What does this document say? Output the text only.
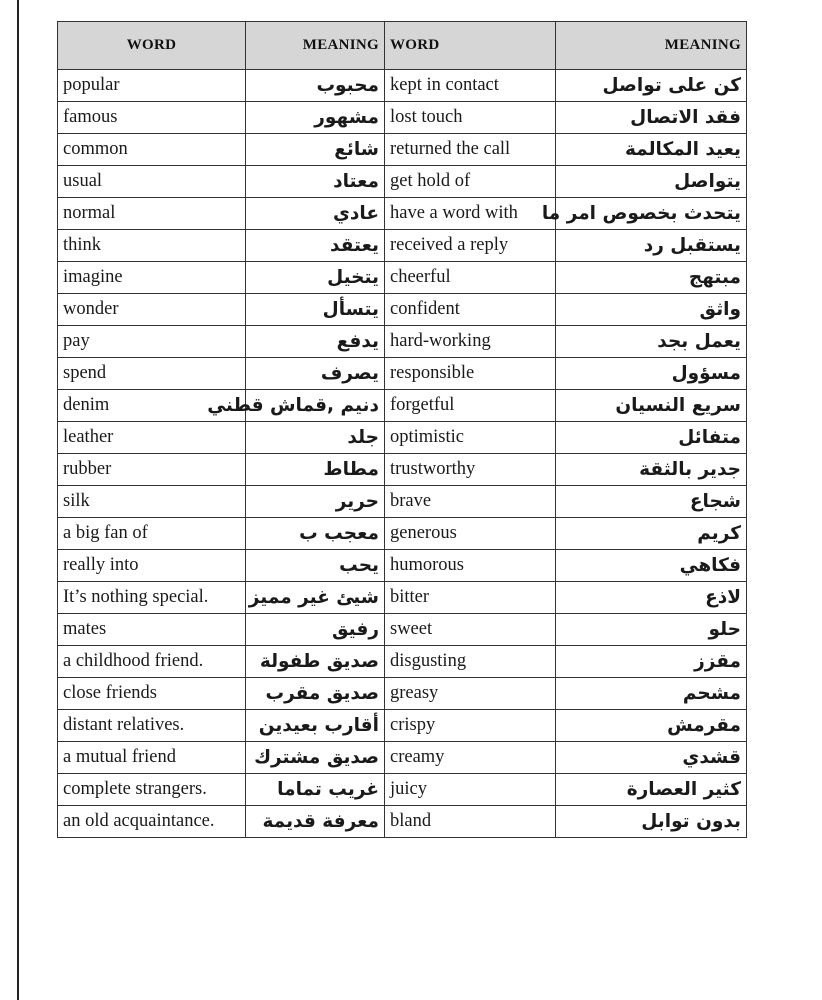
WORD	MEANING	WORD	MEANING
popular	محبوب	kept in contact	كن على تواصل
famous	مشهور	lost touch	فقد الاتصال
common	شائع	returned the call	يعيد المكالمة
usual	معتاد	get hold of	يتواصل
normal	عادي	have a word with	يتحدث بخصوص امر ما
think	يعتقد	received a reply	يستقبل رد
imagine	يتخيل	cheerful	مبتهج
wonder	يتسأل	confident	واثق
pay	يدفع	hard-working	يعمل بجد
spend	يصرف	responsible	مسؤول
denim	دنيم ,قماش قطني	forgetful	سريع النسيان
leather	جلد	optimistic	متفائل
rubber	مطاط	trustworthy	جدير بالثقة
silk	حرير	brave	شجاع
a big fan of	معجب ب	generous	كريم
really into	يحب	humorous	فكاهي
It’s nothing special.	شيئ غير مميز	bitter	لاذع
mates	رفيق	sweet	حلو
a childhood friend.	صديق طفولة	disgusting	مقزز
close friends	صديق مقرب	greasy	مشحم
distant relatives.	أقارب بعيدين	crispy	مقرمش
a mutual friend	صديق مشترك	creamy	قشدي
complete strangers.	غريب تماما	juicy	كثير العصارة
an old acquaintance.	معرفة قديمة	bland	بدون توابل
